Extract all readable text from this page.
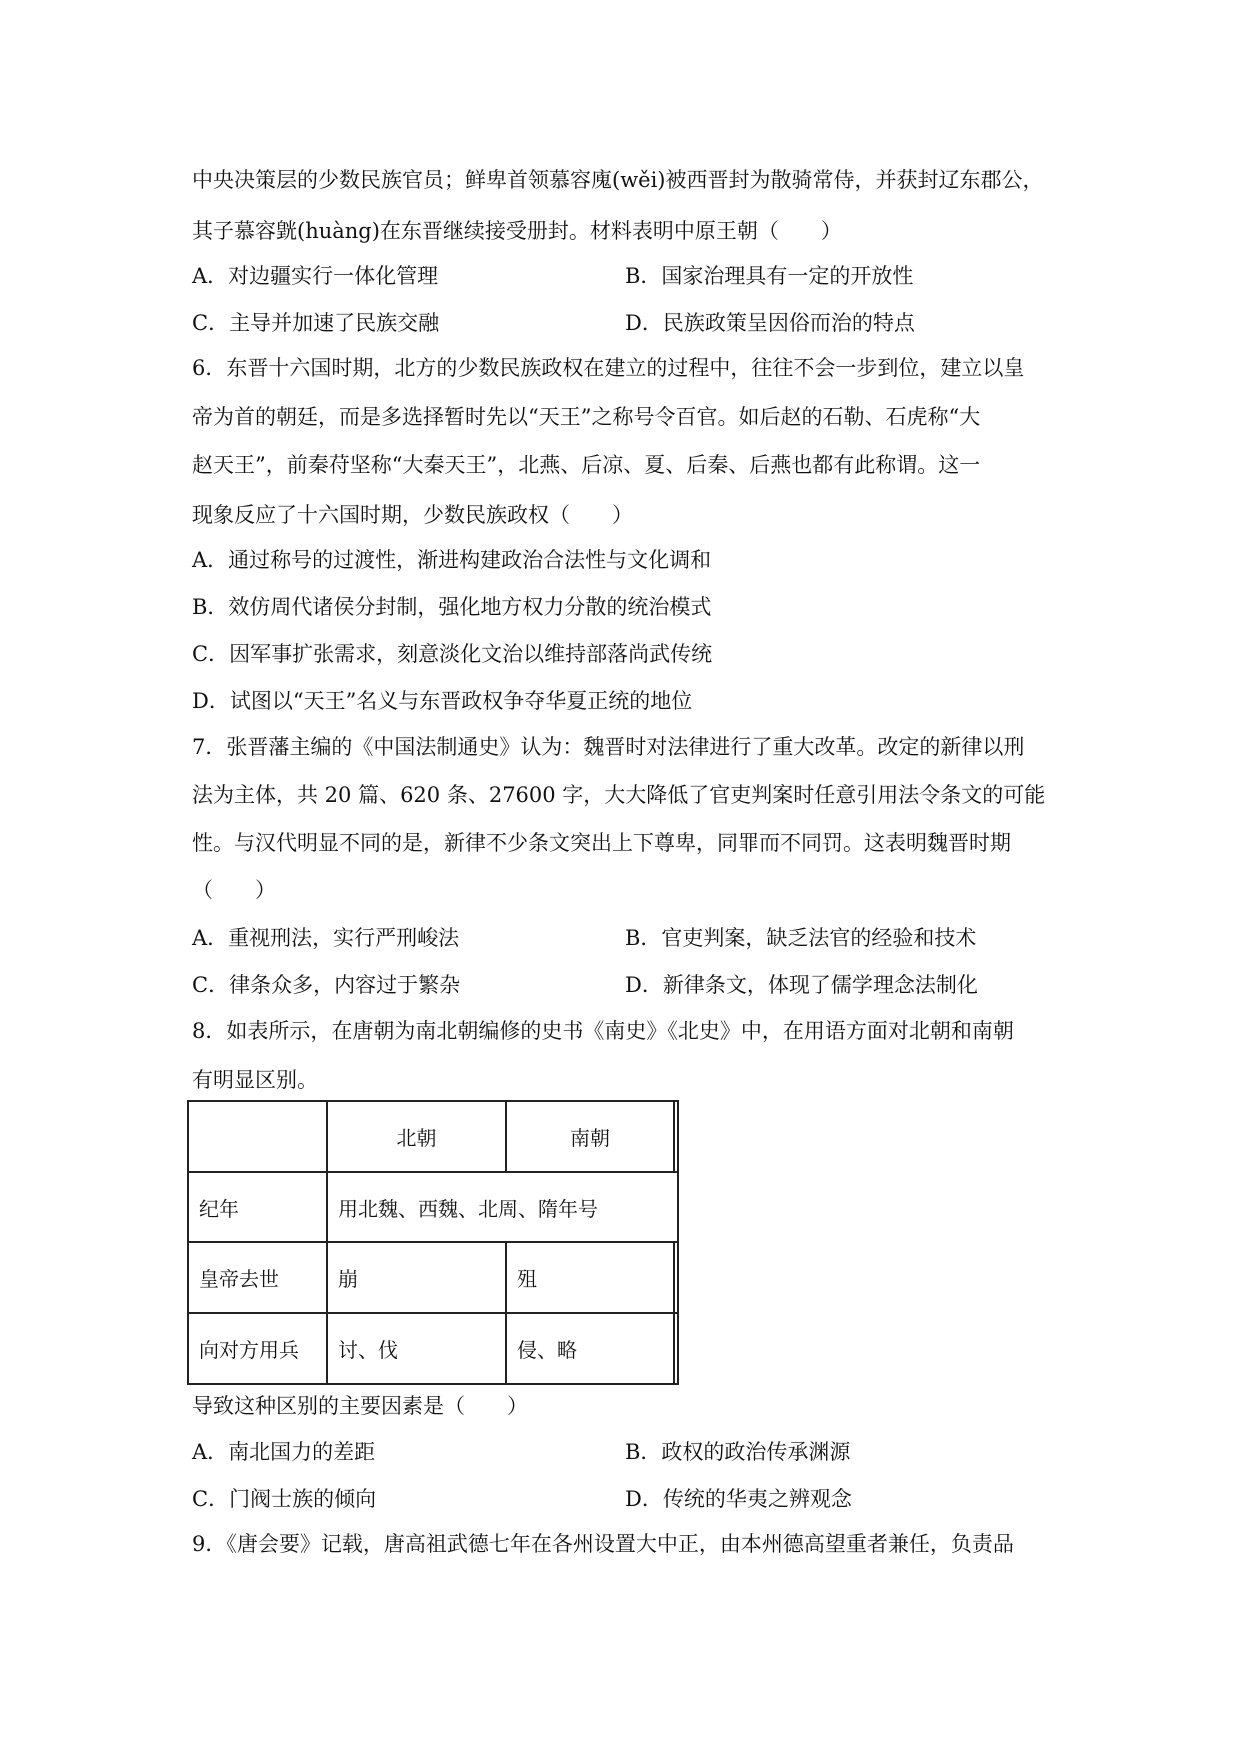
中央决策层的少数民族官员；鲜卑首领慕容廆(wěi)被西晋封为散骑常侍，并获封辽东郡公，
其子慕容皝(huàng)在东晋继续接受册封。材料表明中原王朝（　　）
A．对边疆实行一体化管理	B．国家治理具有一定的开放性
C．主导并加速了民族交融	D．民族政策呈因俗而治的特点
6．东晋十六国时期，北方的少数民族政权在建立的过程中，往往不会一步到位，建立以皇
帝为首的朝廷，而是多选择暂时先以“天王”之称号令百官。如后赵的石勒、石虎称“大
赵天王”，前秦苻坚称“大秦天王”，北燕、后凉、夏、后秦、后燕也都有此称谓。这一
现象反应了十六国时期，少数民族政权（　　）
A．通过称号的过渡性，渐进构建政治合法性与文化调和
B．效仿周代诸侯分封制，强化地方权力分散的统治模式
C．因军事扩张需求，刻意淡化文治以维持部落尚武传统
D．试图以“天王”名义与东晋政权争夺华夏正统的地位
7．张晋藩主编的《中国法制通史》认为：魏晋时对法律进行了重大改革。改定的新律以刑
法为主体，共 20 篇、620 条、27600 字，大大降低了官吏判案时任意引用法令条文的可能
性。与汉代明显不同的是，新律不少条文突出上下尊卑，同罪而不同罚。这表明魏晋时期
（　　）
A．重视刑法，实行严刑峻法	B．官吏判案，缺乏法官的经验和技术
C．律条众多，内容过于繁杂	D．新律条文，体现了儒学理念法制化
8．如表所示，在唐朝为南北朝编修的史书《南史》《北史》中，在用语方面对北朝和南朝
有明显区别。
	北朝	南朝	
纪年	用北魏、西魏、北周、隋年号		
皇帝去世	崩	殂	
向对方用兵	讨、伐	侵、略	
导致这种区别的主要因素是（　　）
A．南北国力的差距	B．政权的政治传承渊源
C．门阀士族的倾向	D．传统的华夷之辨观念
9．《唐会要》记载，唐高祖武德七年在各州设置大中正，由本州德高望重者兼任，负责品
